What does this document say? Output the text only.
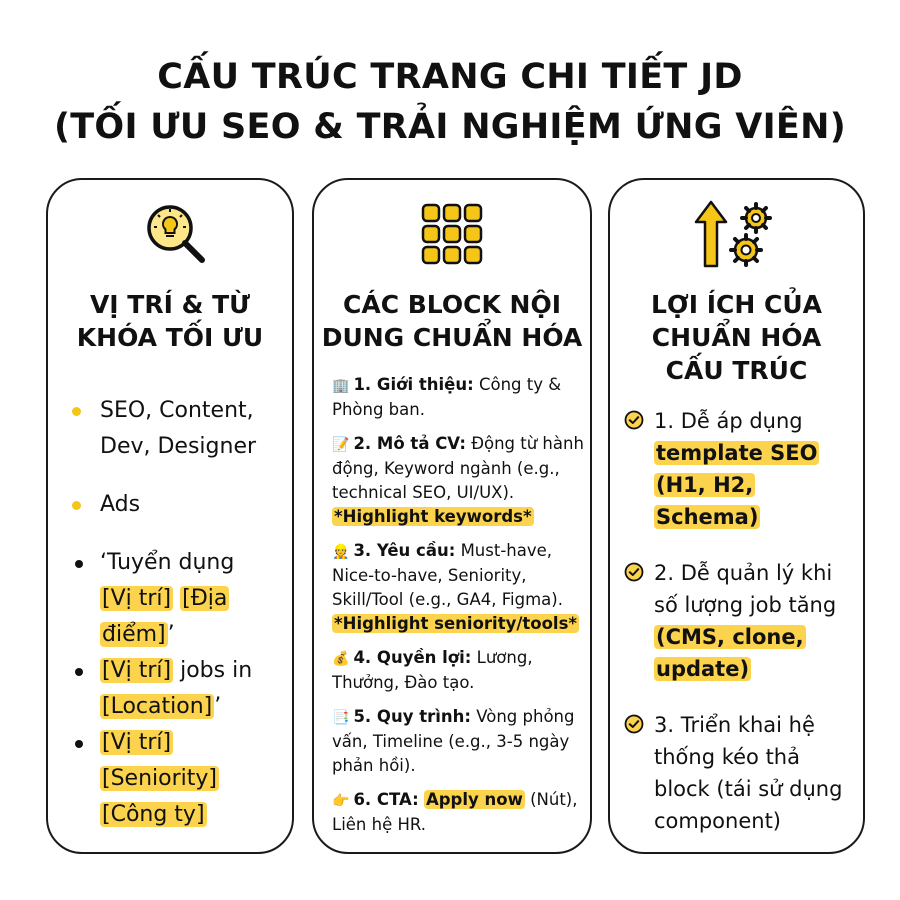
CẤU TRÚC TRANG CHI TIẾT JD
(TỐI ƯU SEO & TRẢI NGHIỆM ỨNG VIÊN)
VỊ TRÍ & TỪ
KHÓA TỐI ƯU
SEO, Content, Dev, Designer
Ads
‘Tuyển dụng
[Vị trí] [Địa điểm]’
[Vị trí] jobs in
[Location]’
[Vị trí]
[Seniority]
[Công ty]
CÁC BLOCK NỘI
DUNG CHUẨN HÓA
🏢 1. Giới thiệu: Công ty & Phòng ban.
📝 2. Mô tả CV: Động từ hành động, Keyword ngành (e.g., technical SEO, UI/UX).
*Highlight keywords*
👷 3. Yêu cầu: Must-have, Nice-to-have, Seniority, Skill/Tool (e.g., GA4, Figma).
*Highlight seniority/tools*
💰 4. Quyền lợi: Lương, Thưởng, Đào tạo.
📑 5. Quy trình: Vòng phỏng vấn, Timeline (e.g., 3-5 ngày phản hồi).
👉 6. CTA: Apply now (Nút), Liên hệ HR.
LỢI ÍCH CỦA
CHUẨN HÓA
CẤU TRÚC
1. Dễ áp dụng template SEO (H1, H2, Schema)
2. Dễ quản lý khi số lượng job tăng (CMS, clone, update)
3. Triển khai hệ thống kéo thả block (tái sử dụng component)
